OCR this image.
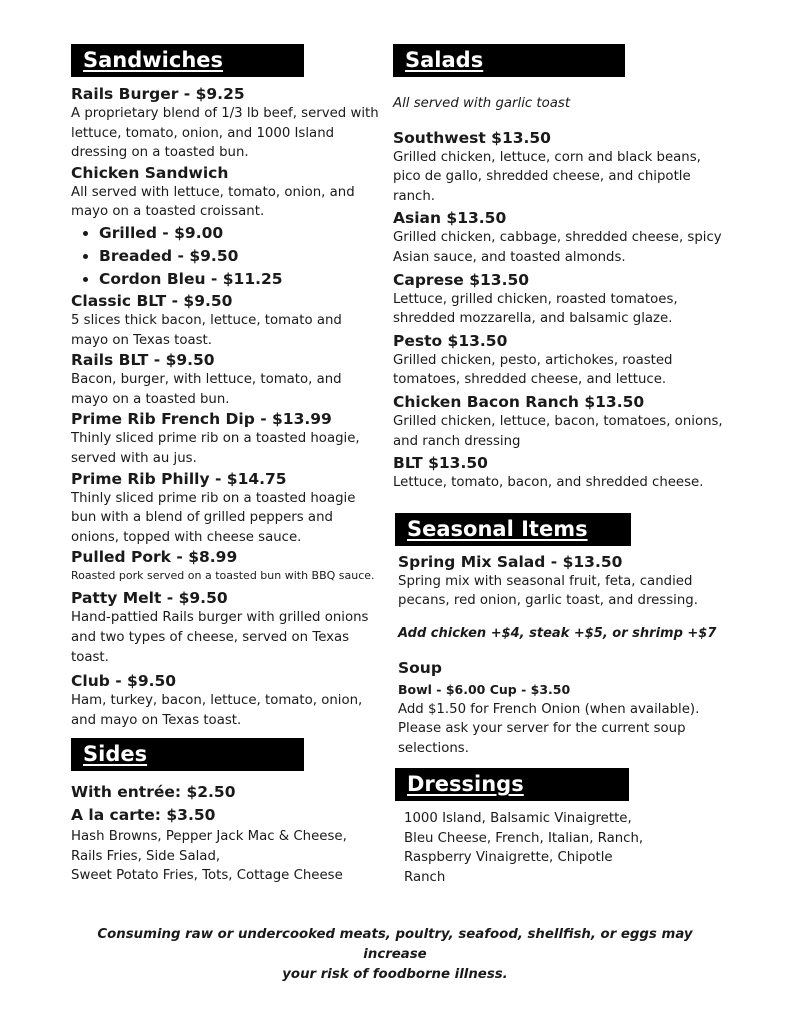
Sandwiches

Rails Burger - $9.25

A proprietary blend of 1/3 lb beef, served with lettuce, tomato, onion, and 1000 Island dressing on a toasted bun.

Chicken Sandwich

All served with lettuce, tomato, onion, and mayo on a toasted croissant.

• Grilled - $9.00
• Breaded - $9.50
• Cordon Bleu - $11.25

Classic BLT - $9.50

5 slices thick bacon, lettuce, tomato and mayo on Texas toast.

Rails BLT - $9.50

Bacon, burger, with lettuce, tomato, and mayo on a toasted bun.

Prime Rib French Dip - $13.99

Thinly sliced prime rib on a toasted hoagie, served with au jus.

Prime Rib Philly - $14.75

Thinly sliced prime rib on a toasted hoagie bun with a blend of grilled peppers and onions, topped with cheese sauce.

Pulled Pork - $8.99

Roasted pork served on a toasted bun with BBQ sauce.

Patty Melt - $9.50

Hand-pattied Rails burger with grilled onions and two types of cheese, served on Texas toast.

Club - $9.50

Ham, turkey, bacon, lettuce, tomato, onion, and mayo on Texas toast.

Sides

With entrée: $2.50

A la carte: $3.50

Hash Browns, Pepper Jack Mac & Cheese,

Rails Fries, Side Salad,

Sweet Potato Fries, Tots, Cottage Cheese

Salads

All served with garlic toast

Southwest $13.50

Grilled chicken, lettuce, corn and black beans, pico de gallo, shredded cheese, and chipotle ranch.

Asian $13.50

Grilled chicken, cabbage, shredded cheese, spicy Asian sauce, and toasted almonds.

Caprese $13.50

Lettuce, grilled chicken, roasted tomatoes, shredded mozzarella, and balsamic glaze.

Pesto $13.50

Grilled chicken, pesto, artichokes, roasted tomatoes, shredded cheese, and lettuce.

Chicken Bacon Ranch $13.50

Grilled chicken, lettuce, bacon, tomatoes, onions, and ranch dressing

BLT $13.50

Lettuce, tomato, bacon, and shredded cheese.

Seasonal Items

Spring Mix Salad - $13.50

Spring mix with seasonal fruit, feta, candied pecans, red onion, garlic toast, and dressing.

Add chicken +$4, steak +$5, or shrimp +$7

Soup

Bowl - $6.00 Cup - $3.50

Add $1.50 for French Onion (when available). Please ask your server for the current soup selections.

Dressings

1000 Island, Balsamic Vinaigrette,

Bleu Cheese, French, Italian, Ranch,

Raspberry Vinaigrette, Chipotle

Ranch

Consuming raw or undercooked meats, poultry, seafood, shellfish, or eggs may increase
your risk of foodborne illness.
